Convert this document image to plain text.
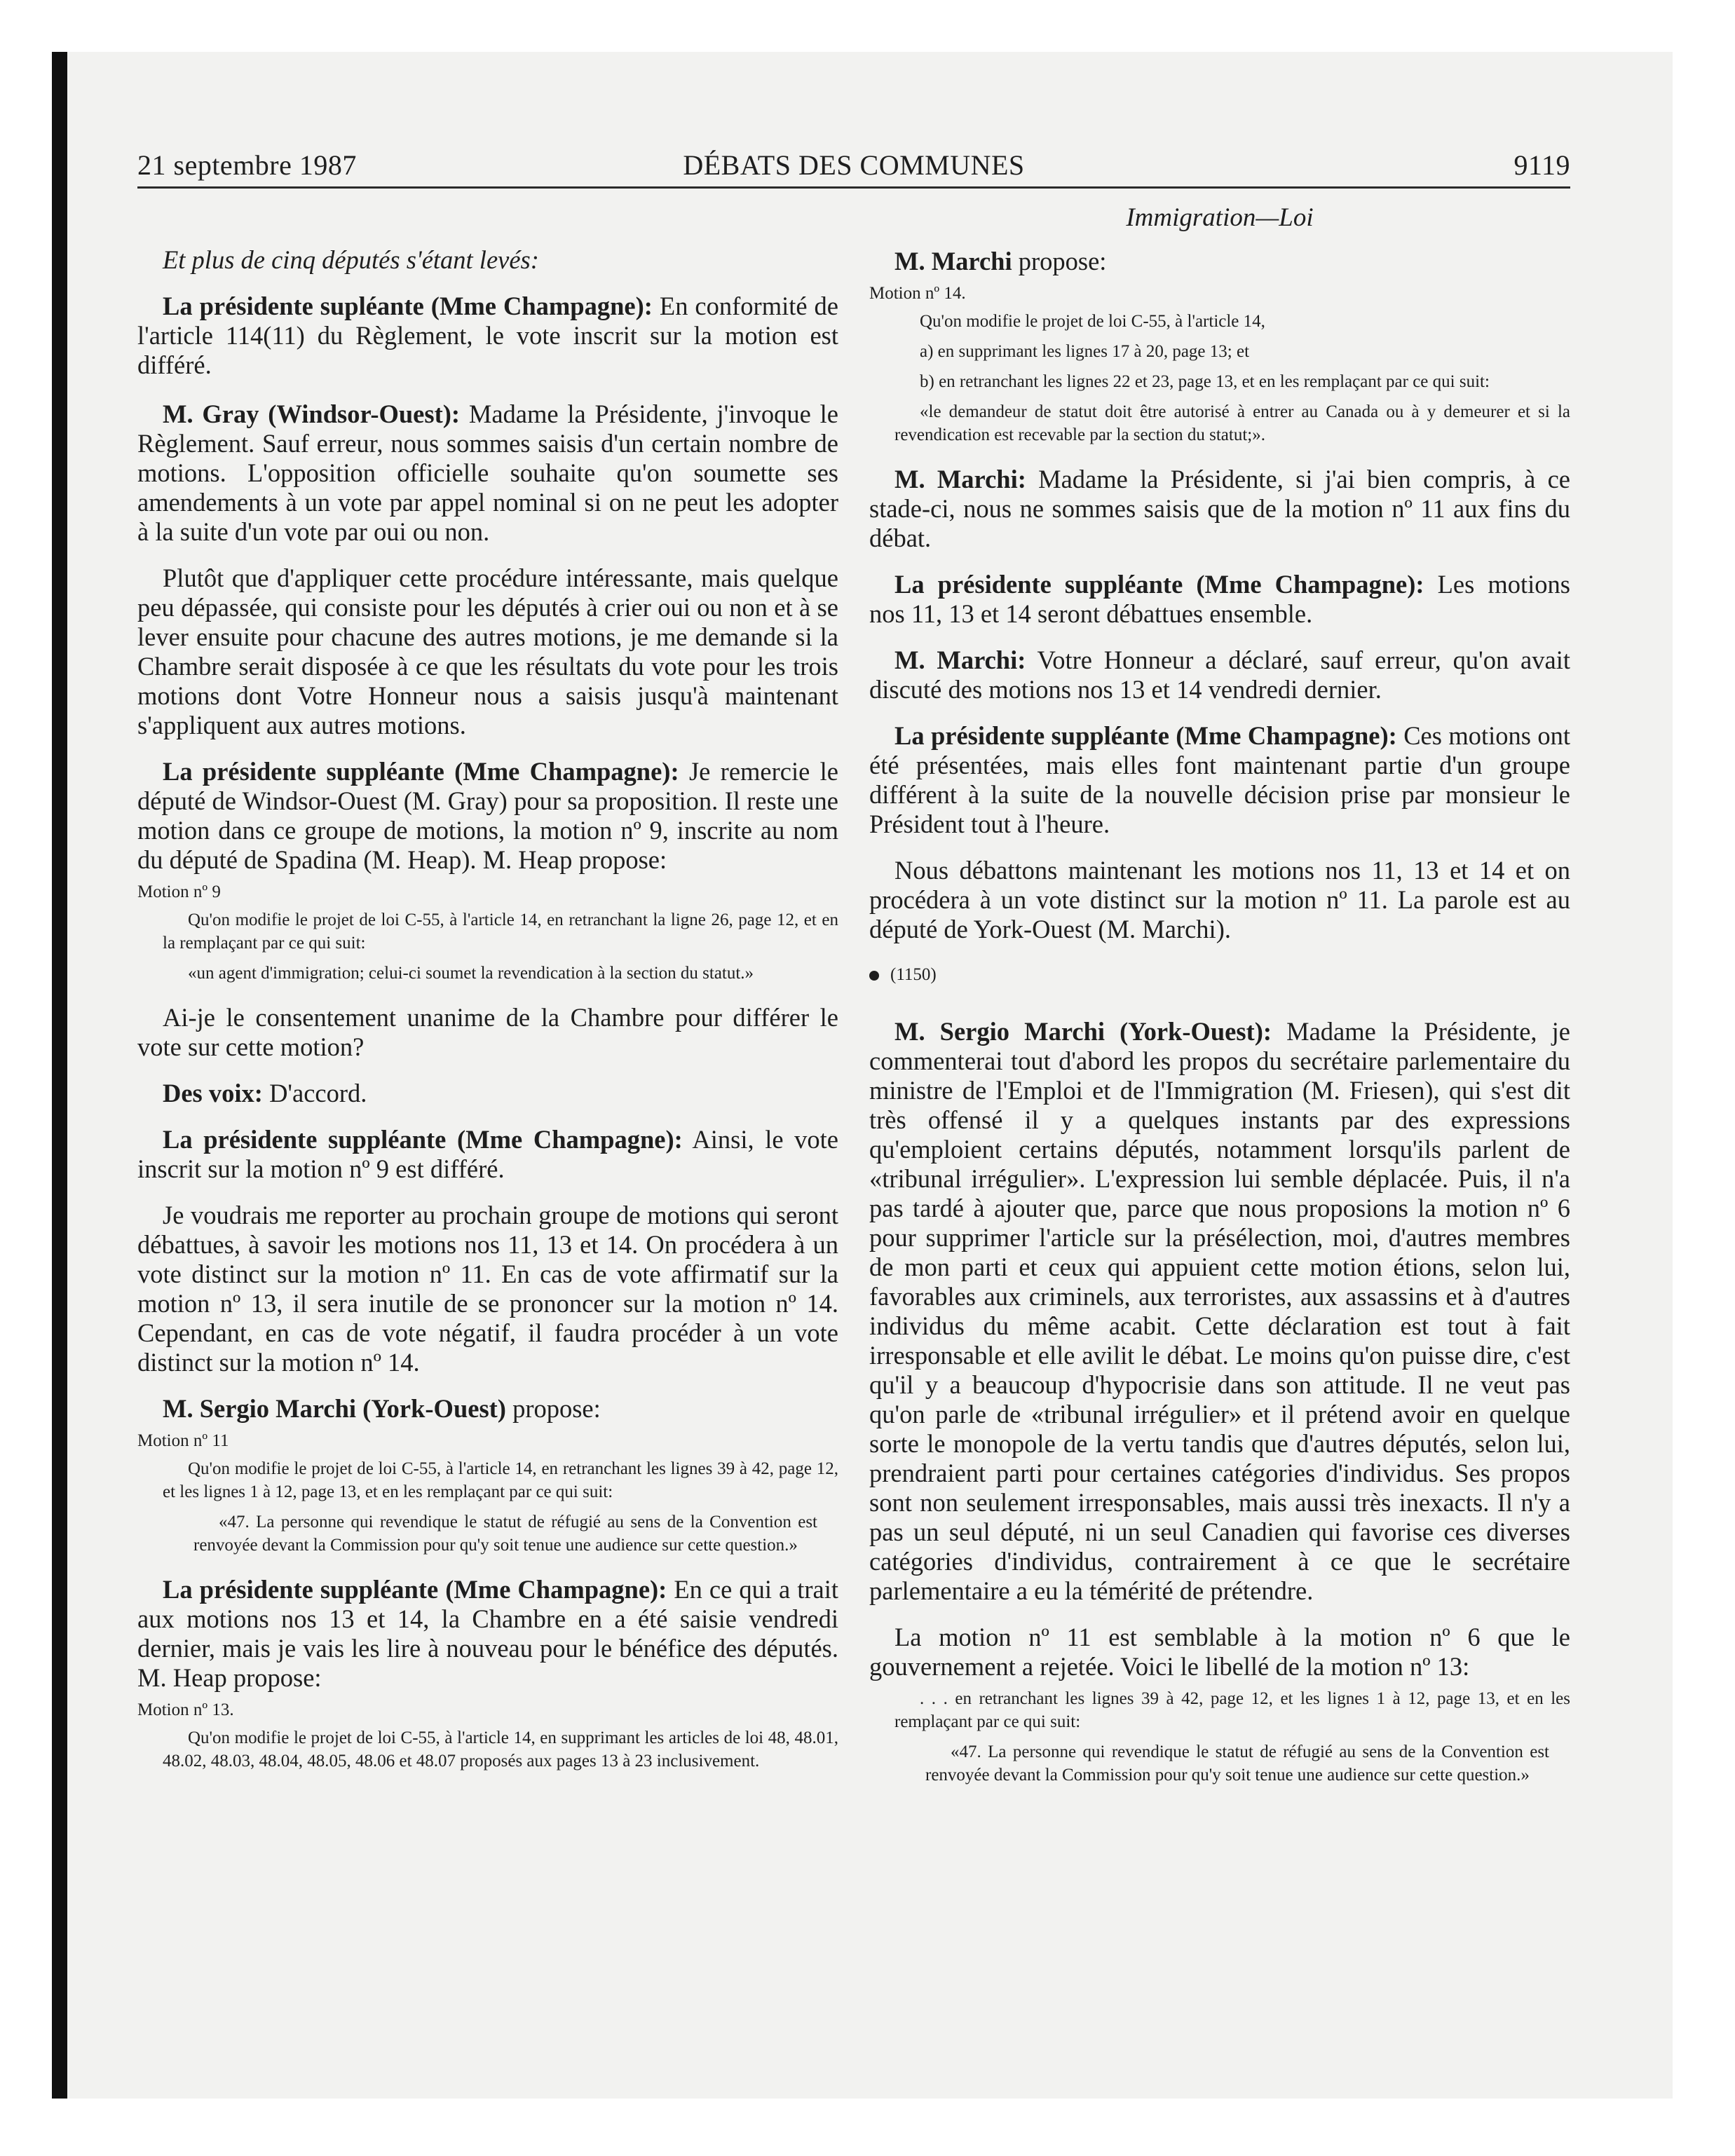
21 septembre 1987	DÉBATS DES COMMUNES	9119

Et plus de cinq députés s'étant levés:

La présidente supléante (Mme Champagne): En conformité de l'article 114(11) du Règlement, le vote inscrit sur la motion est différé.

M. Gray (Windsor-Ouest): Madame la Présidente, j'invoque le Règlement. Sauf erreur, nous sommes saisis d'un certain nombre de motions. L'opposition officielle souhaite qu'on soumette ses amendements à un vote par appel nominal si on ne peut les adopter à la suite d'un vote par oui ou non.

Plutôt que d'appliquer cette procédure intéressante, mais quelque peu dépassée, qui consiste pour les députés à crier oui ou non et à se lever ensuite pour chacune des autres motions, je me demande si la Chambre serait disposée à ce que les résultats du vote pour les trois motions dont Votre Honneur nous a saisis jusqu'à maintenant s'appliquent aux autres motions.

La présidente suppléante (Mme Champagne): Je remercie le député de Windsor-Ouest (M. Gray) pour sa proposition. Il reste une motion dans ce groupe de motions, la motion nº 9, inscrite au nom du député de Spadina (M. Heap). M. Heap propose:

Motion nº 9

Qu'on modifie le projet de loi C-55, à l'article 14, en retranchant la ligne 26, page 12, et en la remplaçant par ce qui suit:

«un agent d'immigration; celui-ci soumet la revendication à la section du statut.»

Ai-je le consentement unanime de la Chambre pour différer le vote sur cette motion?

Des voix: D'accord.

La présidente suppléante (Mme Champagne): Ainsi, le vote inscrit sur la motion nº 9 est différé.

Je voudrais me reporter au prochain groupe de motions qui seront débattues, à savoir les motions nos 11, 13 et 14. On procédera à un vote distinct sur la motion nº 11. En cas de vote affirmatif sur la motion nº 13, il sera inutile de se prononcer sur la motion nº 14. Cependant, en cas de vote négatif, il faudra procéder à un vote distinct sur la motion nº 14.

M. Sergio Marchi (York-Ouest) propose:

Motion nº 11

Qu'on modifie le projet de loi C-55, à l'article 14, en retranchant les lignes 39 à 42, page 12, et les lignes 1 à 12, page 13, et en les remplaçant par ce qui suit:

«47. La personne qui revendique le statut de réfugié au sens de la Convention est renvoyée devant la Commission pour qu'y soit tenue une audience sur cette question.»

La présidente suppléante (Mme Champagne): En ce qui a trait aux motions nos 13 et 14, la Chambre en a été saisie vendredi dernier, mais je vais les lire à nouveau pour le bénéfice des députés. M. Heap propose:

Motion nº 13.

Qu'on modifie le projet de loi C-55, à l'article 14, en supprimant les articles de loi 48, 48.01, 48.02, 48.03, 48.04, 48.05, 48.06 et 48.07 proposés aux pages 13 à 23 inclusivement.

Immigration—Loi

M. Marchi propose:

Motion nº 14.

Qu'on modifie le projet de loi C-55, à l'article 14,

a) en supprimant les lignes 17 à 20, page 13; et

b) en retranchant les lignes 22 et 23, page 13, et en les remplaçant par ce qui suit:

«le demandeur de statut doit être autorisé à entrer au Canada ou à y demeurer et si la revendication est recevable par la section du statut;».

M. Marchi: Madame la Présidente, si j'ai bien compris, à ce stade-ci, nous ne sommes saisis que de la motion nº 11 aux fins du débat.

La présidente suppléante (Mme Champagne): Les motions nos 11, 13 et 14 seront débattues ensemble.

M. Marchi: Votre Honneur a déclaré, sauf erreur, qu'on avait discuté des motions nos 13 et 14 vendredi dernier.

La présidente suppléante (Mme Champagne): Ces motions ont été présentées, mais elles font maintenant partie d'un groupe différent à la suite de la nouvelle décision prise par monsieur le Président tout à l'heure.

Nous débattons maintenant les motions nos 11, 13 et 14 et on procédera à un vote distinct sur la motion nº 11. La parole est au député de York-Ouest (M. Marchi).

(1150)

M. Sergio Marchi (York-Ouest): Madame la Présidente, je commenterai tout d'abord les propos du secrétaire parlementaire du ministre de l'Emploi et de l'Immigration (M. Friesen), qui s'est dit très offensé il y a quelques instants par des expressions qu'emploient certains députés, notamment lorsqu'ils parlent de «tribunal irrégulier». L'expression lui semble déplacée. Puis, il n'a pas tardé à ajouter que, parce que nous proposions la motion nº 6 pour supprimer l'article sur la présélection, moi, d'autres membres de mon parti et ceux qui appuient cette motion étions, selon lui, favorables aux criminels, aux terroristes, aux assassins et à d'autres individus du même acabit. Cette déclaration est tout à fait irresponsable et elle avilit le débat. Le moins qu'on puisse dire, c'est qu'il y a beaucoup d'hypocrisie dans son attitude. Il ne veut pas qu'on parle de «tribunal irrégulier» et il prétend avoir en quelque sorte le monopole de la vertu tandis que d'autres députés, selon lui, prendraient parti pour certaines catégories d'individus. Ses propos sont non seulement irresponsables, mais aussi très inexacts. Il n'y a pas un seul député, ni un seul Canadien qui favorise ces diverses catégories d'individus, contrairement à ce que le secrétaire parlementaire a eu la témérité de prétendre.

La motion nº 11 est semblable à la motion nº 6 que le gouvernement a rejetée. Voici le libellé de la motion nº 13:

. . . en retranchant les lignes 39 à 42, page 12, et les lignes 1 à 12, page 13, et en les remplaçant par ce qui suit:

«47. La personne qui revendique le statut de réfugié au sens de la Convention est renvoyée devant la Commission pour qu'y soit tenue une audience sur cette question.»
